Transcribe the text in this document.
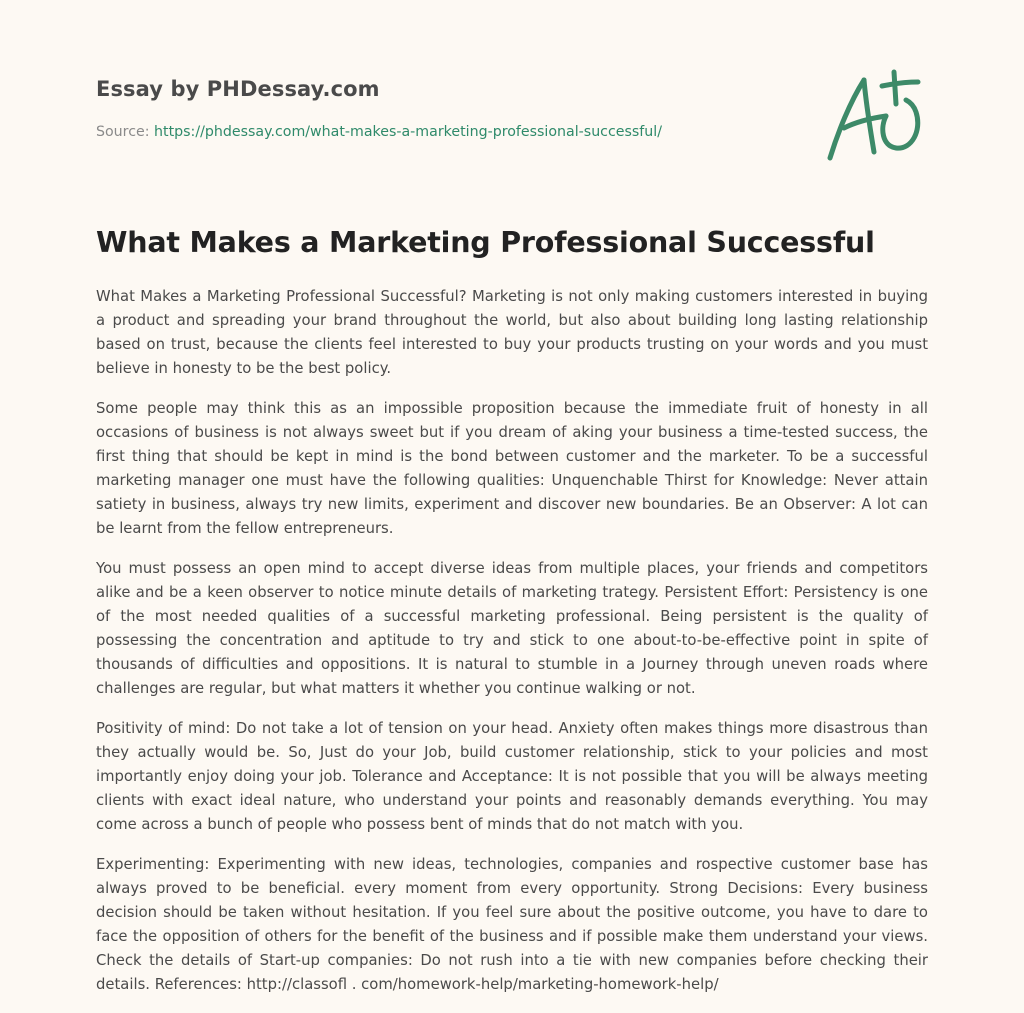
Essay by PHDessay.com
Source: https://phdessay.com/what-makes-a-marketing-professional-successful/
What Makes a Marketing Professional Successful

What Makes a Marketing Professional Successful? Marketing is not only making customers interested in buying a product and spreading your brand throughout the world, but also about building long lasting relationship based on trust, because the clients feel interested to buy your products trusting on your words and you must believe in honesty to be the best policy.

Some people may think this as an impossible proposition because the immediate fruit of honesty in all occasions of business is not always sweet but if you dream of aking your business a time-tested success, the first thing that should be kept in mind is the bond between customer and the marketer. To be a successful marketing manager one must have the following qualities: Unquenchable Thirst for Knowledge: Never attain satiety in business, always try new limits, experiment and discover new boundaries. Be an Observer: A lot can be learnt from the fellow entrepreneurs.

You must possess an open mind to accept diverse ideas from multiple places, your friends and competitors alike and be a keen observer to notice minute details of marketing trategy. Persistent Effort: Persistency is one of the most needed qualities of a successful marketing professional. Being persistent is the quality of possessing the concentration and aptitude to try and stick to one about-to-be-effective point in spite of thousands of difficulties and oppositions. It is natural to stumble in a Journey through uneven roads where challenges are regular, but what matters it whether you continue walking or not.

Positivity of mind: Do not take a lot of tension on your head. Anxiety often makes things more disastrous than they actually would be. So, Just do your Job, build customer relationship, stick to your policies and most importantly enjoy doing your job. Tolerance and Acceptance: It is not possible that you will be always meeting clients with exact ideal nature, who understand your points and reasonably demands everything. You may come across a bunch of people who possess bent of minds that do not match with you.

Experimenting: Experimenting with new ideas, technologies, companies and rospective customer base has always proved to be beneficial. every moment from every opportunity. Strong Decisions: Every business decision should be taken without hesitation. If you feel sure about the positive outcome, you have to dare to face the opposition of others for the benefit of the business and if possible make them understand your views. Check the details of Start-up companies: Do not rush into a tie with new companies before checking their details. References: http://classofl . com/homework-help/marketing-homework-help/
